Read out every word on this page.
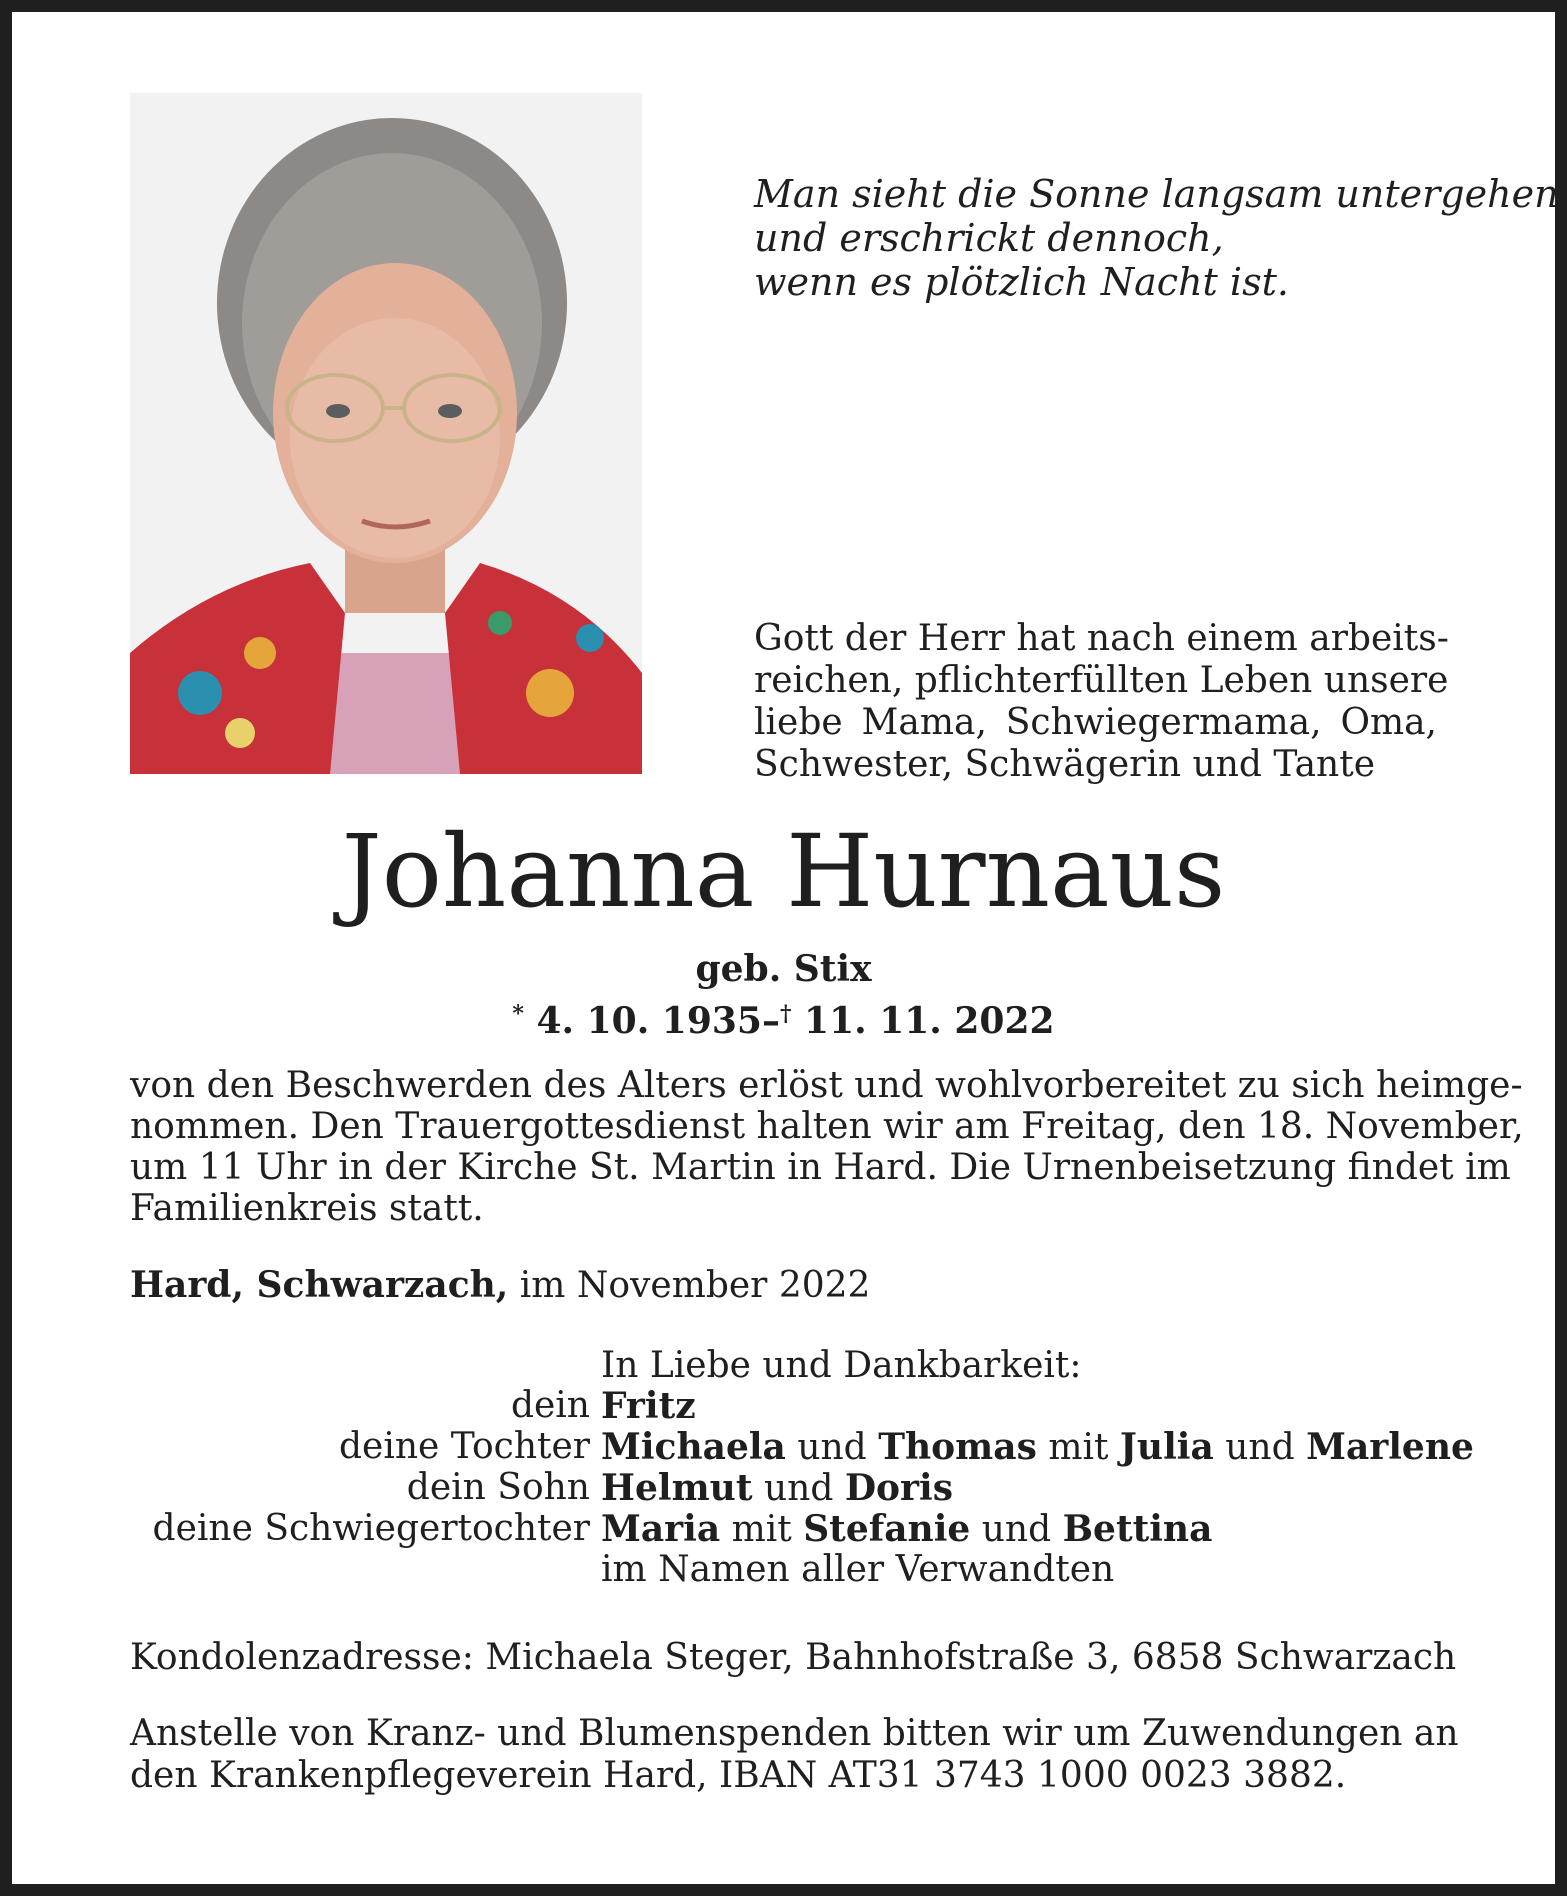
Man sieht die Sonne langsam untergehen
und erschrickt dennoch,
wenn es plötzlich Nacht ist.
Gott der Herr hat nach einem arbeits-
reichen, pflichterfüllten Leben unsere
liebe Mama, Schwiegermama, Oma,
Schwester, Schwägerin und Tante
Johanna Hurnaus
geb. Stix
* 4. 10. 1935–† 11. 11. 2022
von den Beschwerden des Alters erlöst und wohlvorbereitet zu sich heimge-
nommen. Den Trauergottesdienst halten wir am Freitag, den 18. November,
um 11 Uhr in der Kirche St. Martin in Hard. Die Urnenbeisetzung findet im
Familienkreis statt.
Hard, Schwarzach, im November 2022
In Liebe und Dankbarkeit:
dein Fritz
deine Tochter Michaela und Thomas mit Julia und Marlene
dein Sohn Helmut und Doris
deine Schwiegertochter Maria mit Stefanie und Bettina
im Namen aller Verwandten
Kondolenzadresse: Michaela Steger, Bahnhofstraße 3, 6858 Schwarzach
Anstelle von Kranz- und Blumenspenden bitten wir um Zuwendungen an
den Krankenpflegeverein Hard, IBAN AT31 3743 1000 0023 3882.
